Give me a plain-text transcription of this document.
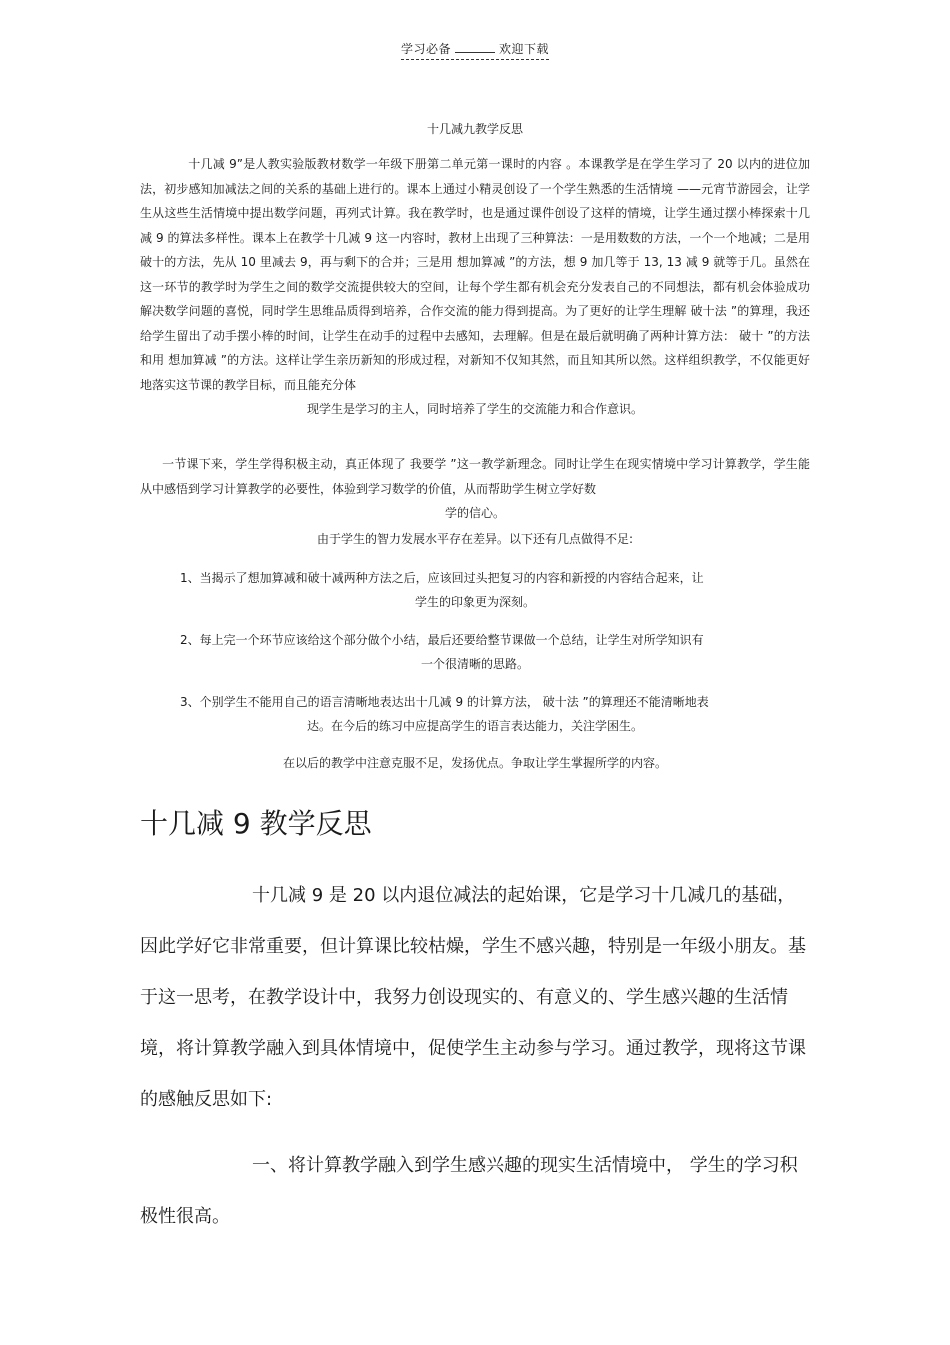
学习必备	欢迎下载
十几减九教学反思
十几减 9”是人教实验版教材数学一年级下册第二单元第一课时的内容 。本课教学是在学生学习了 20 以内的进位加法，初步感知加减法之间的关系的基础上进行的。课本上通过小精灵创设了一个学生熟悉的生活情境 ——元宵节游园会，让学生从这些生活情境中提出数学问题，再列式计算。我在教学时，也是通过课件创设了这样的情境，让学生通过摆小棒探索十几减 9 的算法多样性。课本上在教学十几减 9 这一内容时，教材上出现了三种算法：一是用数数的方法，一个一个地减；二是用破十的方法，先从 10 里减去 9，再与剩下的合并；三是用 想加算减 ”的方法，想 9 加几等于 13, 13 减 9 就等于几。虽然在这一环节的教学时为学生之间的数学交流提供较大的空间，让每个学生都有机会充分发表自己的不同想法，都有机会体验成功解决数学问题的喜悦，同时学生思维品质得到培养，合作交流的能力得到提高。为了更好的让学生理解 破十法 ”的算理，我还给学生留出了动手摆小棒的时间，让学生在动手的过程中去感知，去理解。但是在最后就明确了两种计算方法： 破十 ”的方法和用 想加算减 ”的方法。这样让学生亲历新知的形成过程，对新知不仅知其然，而且知其所以然。这样组织教学，不仅能更好地落实这节课的教学目标，而且能充分体
现学生是学习的主人，同时培养了学生的交流能力和合作意识。
一节课下来，学生学得积极主动，真正体现了 我要学 ”这一教学新理念。同时让学生在现实情境中学习计算教学，学生能从中感悟到学习计算教学的必要性，体验到学习数学的价值，从而帮助学生树立学好数
学的信心。
由于学生的智力发展水平存在差异。以下还有几点做得不足:
1、当揭示了想加算减和破十减两种方法之后，应该回过头把复习的内容和新授的内容结合起来，让
学生的印象更为深刻。
2、每上完一个环节应该给这个部分做个小结，最后还要给整节课做一个总结，让学生对所学知识有
一个很清晰的思路。
3、个别学生不能用自己的语言清晰地表达出十几减 9 的计算方法， 破十法 ”的算理还不能清晰地表
达。在今后的练习中应提高学生的语言表达能力，关注学困生。
在以后的教学中注意克服不足，发扬优点。争取让学生掌握所学的内容。
十几减 9 教学反思
十几减 9 是 20 以内退位减法的起始课，它是学习十几减几的基础，因此学好它非常重要，但计算课比较枯燥，学生不感兴趣，特别是一年级小朋友。基于这一思考，在教学设计中，我努力创设现实的、有意义的、学生感兴趣的生活情境，将计算教学融入到具体情境中，促使学生主动参与学习。通过教学，现将这节课的感触反思如下:
一、将计算教学融入到学生感兴趣的现实生活情境中， 学生的学习积极性很高。
